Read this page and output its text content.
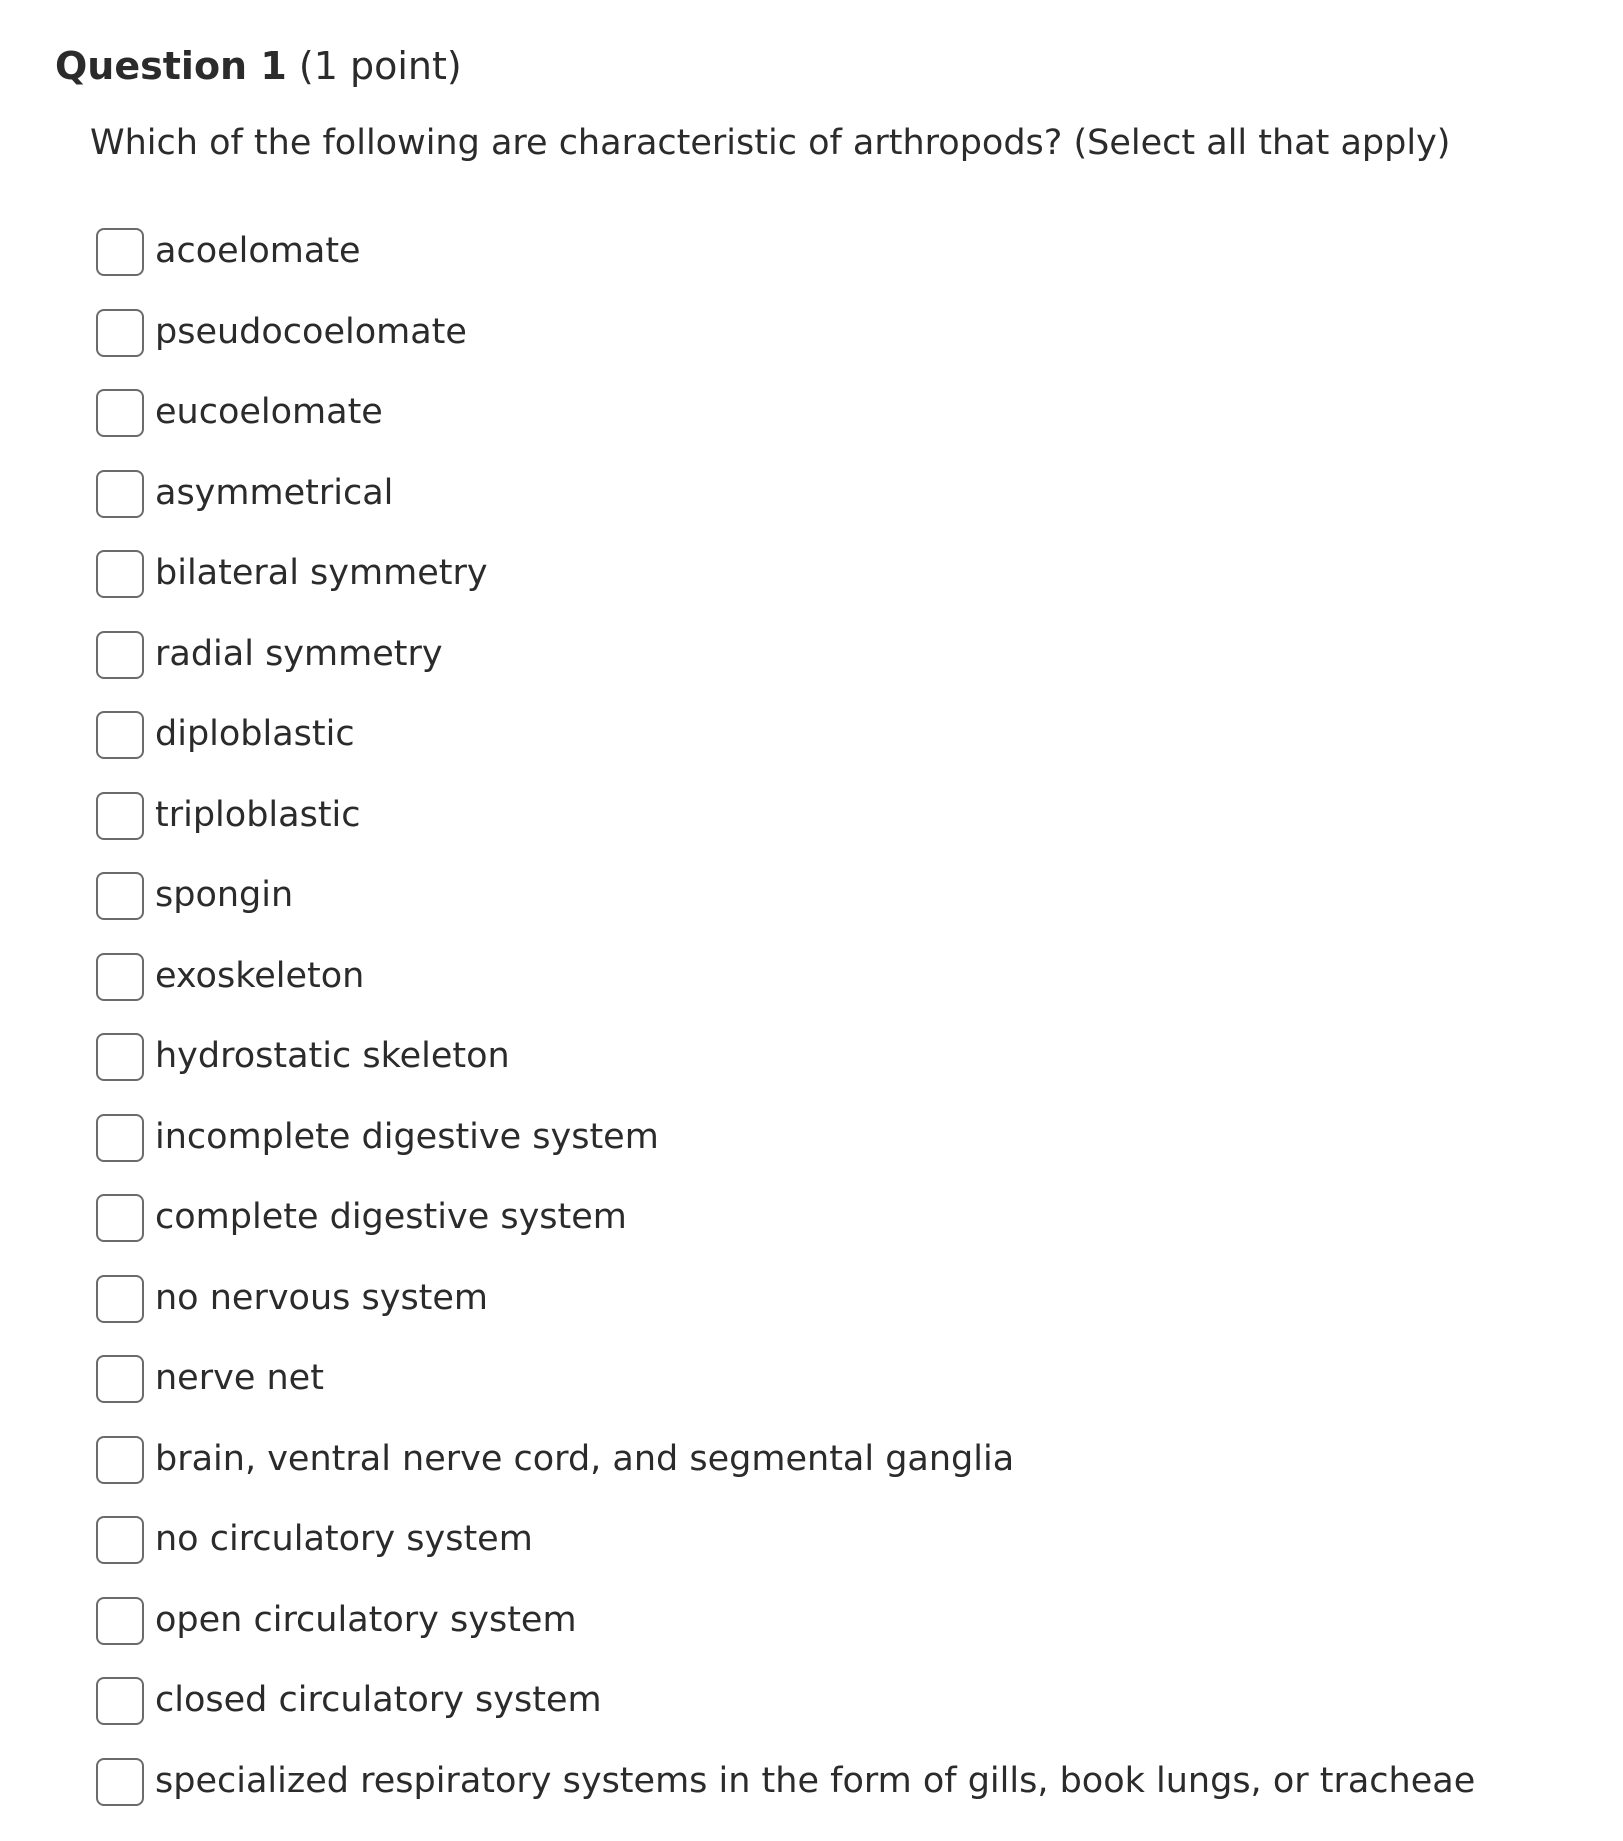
Question 1 (1 point)
Which of the following are characteristic of arthropods? (Select all that apply)
acoelomate
pseudocoelomate
eucoelomate
asymmetrical
bilateral symmetry
radial symmetry
diploblastic
triploblastic
spongin
exoskeleton
hydrostatic skeleton
incomplete digestive system
complete digestive system
no nervous system
nerve net
brain, ventral nerve cord, and segmental ganglia
no circulatory system
open circulatory system
closed circulatory system
specialized respiratory systems in the form of gills, book lungs, or tracheae
